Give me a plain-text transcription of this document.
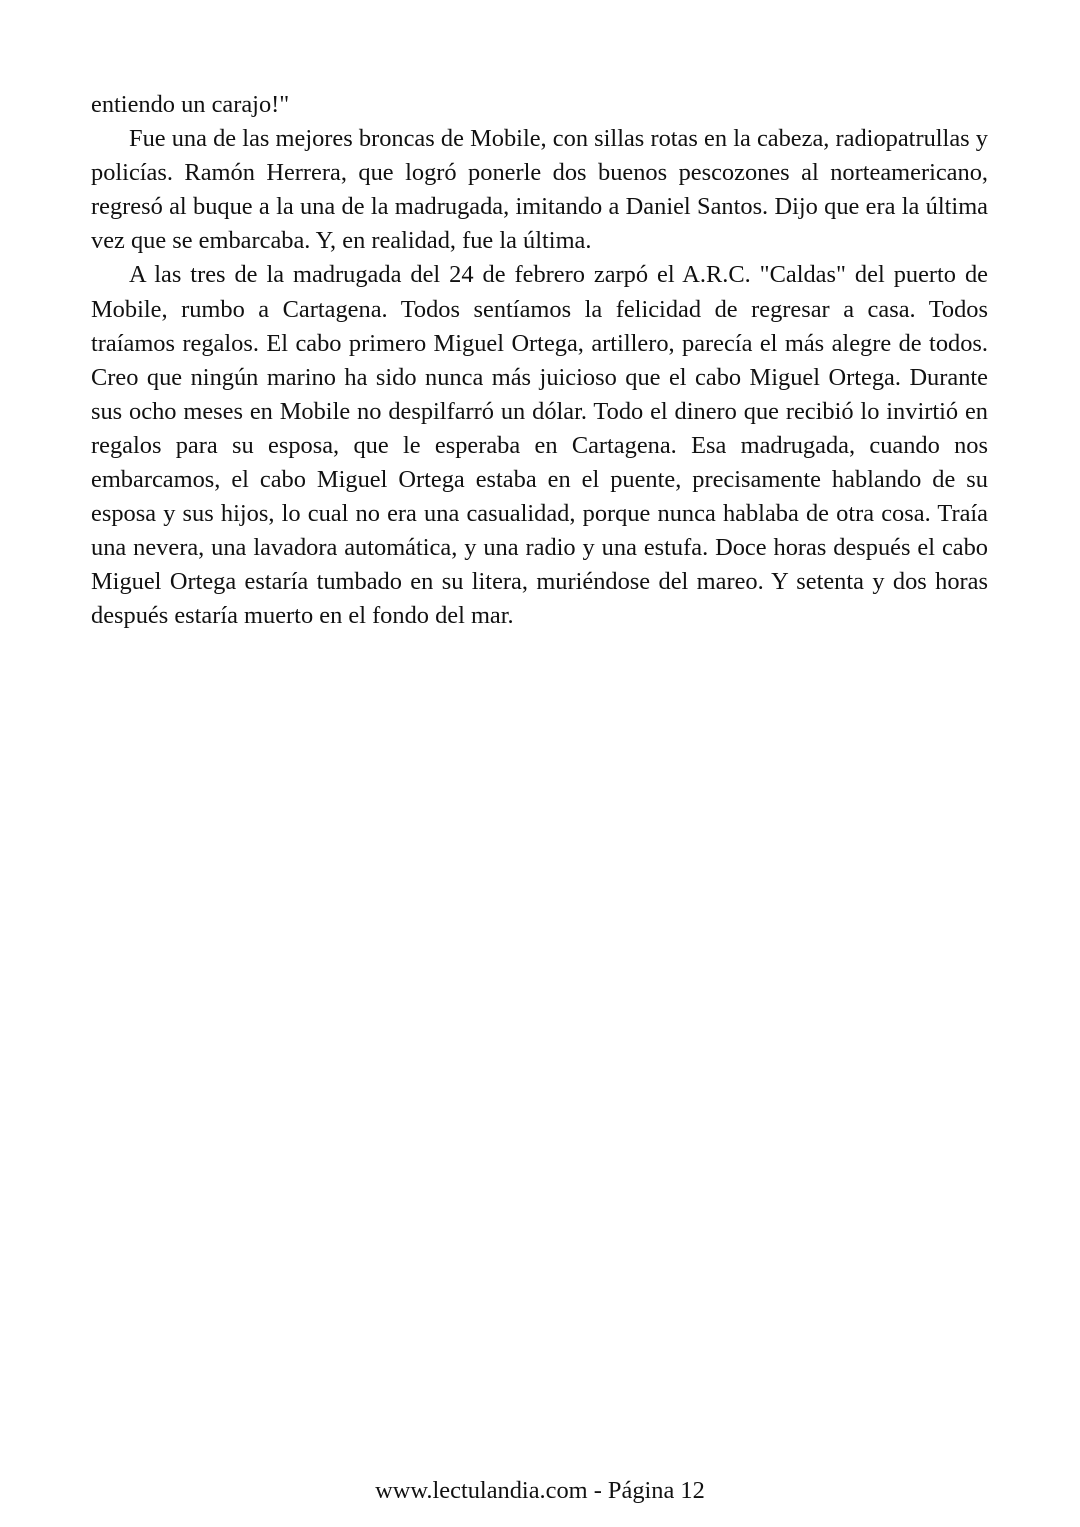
entiendo un carajo!"

Fue una de las mejores broncas de Mobile, con sillas rotas en la cabeza, radiopatrullas y policías. Ramón Herrera, que logró ponerle dos buenos pescozones al norteamericano, regresó al buque a la una de la madrugada, imitando a Daniel Santos. Dijo que era la última vez que se embarcaba. Y, en realidad, fue la última.

A las tres de la madrugada del 24 de febrero zarpó el A.R.C. "Caldas" del puerto de Mobile, rumbo a Cartagena. Todos sentíamos la felicidad de regresar a casa. Todos traíamos regalos. El cabo primero Miguel Ortega, artillero, parecía el más alegre de todos. Creo que ningún marino ha sido nunca más juicioso que el cabo Miguel Ortega. Durante sus ocho meses en Mobile no despilfarró un dólar. Todo el dinero que recibió lo invirtió en regalos para su esposa, que le esperaba en Cartagena. Esa madrugada, cuando nos embarcamos, el cabo Miguel Ortega estaba en el puente, precisamente hablando de su esposa y sus hijos, lo cual no era una casualidad, porque nunca hablaba de otra cosa. Traía una nevera, una lavadora automática, y una radio y una estufa. Doce horas después el cabo Miguel Ortega estaría tumbado en su litera, muriéndose del mareo. Y setenta y dos horas después estaría muerto en el fondo del mar.

www.lectulandia.com - Página 12
